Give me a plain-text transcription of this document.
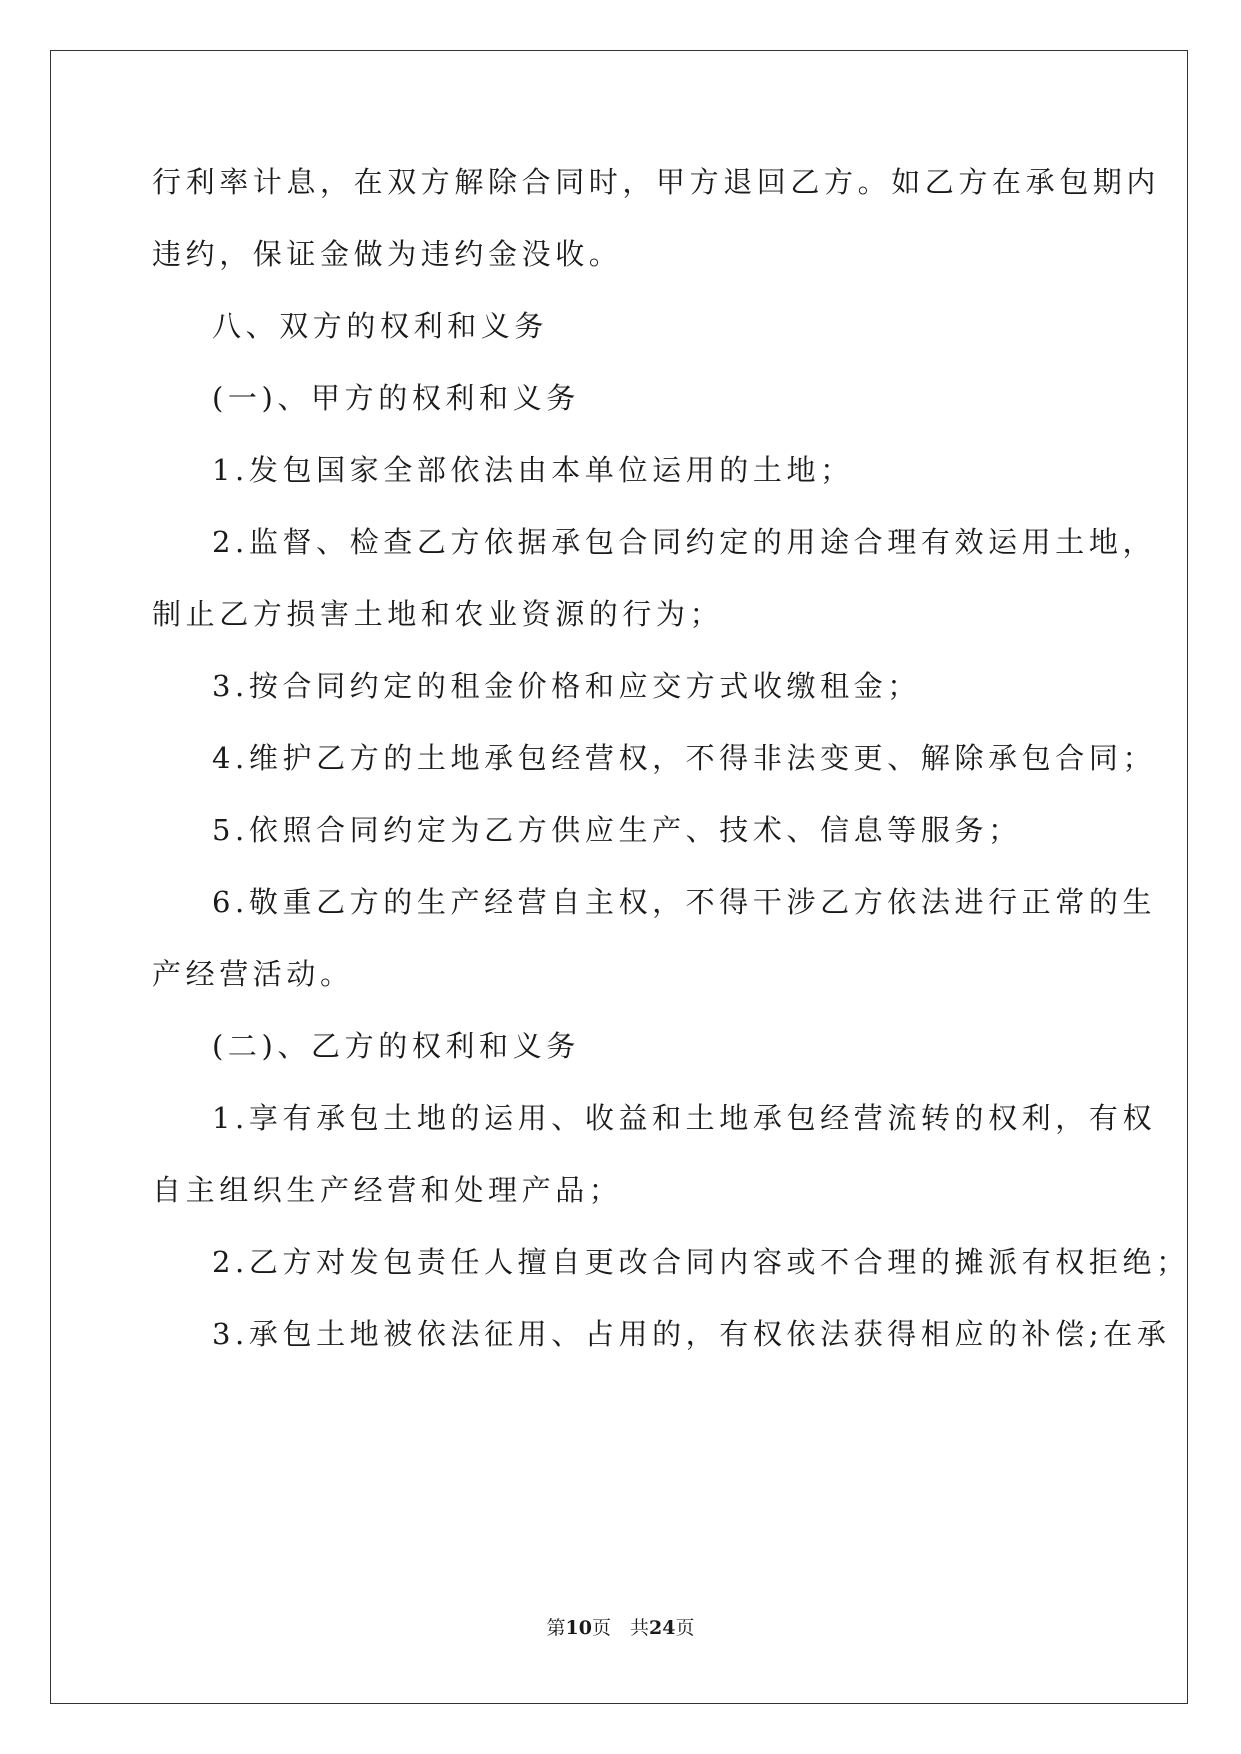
行利率计息，在双方解除合同时，甲方退回乙方。如乙方在承包期内
违约，保证金做为违约金没收。
八、双方的权利和义务
(一)、甲方的权利和义务
1.发包国家全部依法由本单位运用的土地；
2.监督、检查乙方依据承包合同约定的用途合理有效运用土地，
制止乙方损害土地和农业资源的行为；
3.按合同约定的租金价格和应交方式收缴租金；
4.维护乙方的土地承包经营权，不得非法变更、解除承包合同；
5.依照合同约定为乙方供应生产、技术、信息等服务；
6.敬重乙方的生产经营自主权，不得干涉乙方依法进行正常的生
产经营活动。
(二)、乙方的权利和义务
1.享有承包土地的运用、收益和土地承包经营流转的权利，有权
自主组织生产经营和处理产品；
2.乙方对发包责任人擅自更改合同内容或不合理的摊派有权拒绝；
3.承包土地被依法征用、占用的，有权依法获得相应的补偿;在承
第10页　共24页
